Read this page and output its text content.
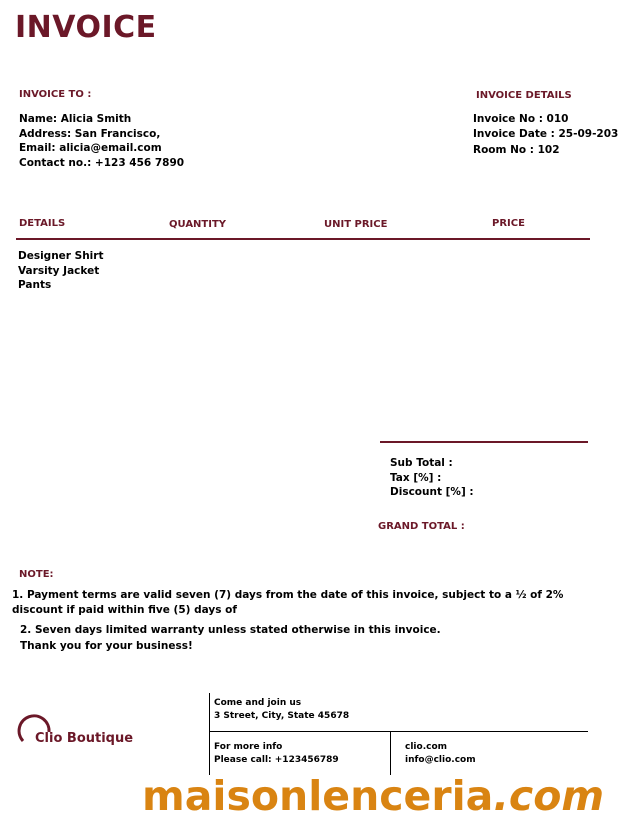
INVOICE
INVOICE TO :
Name: Alicia Smith
Address: San Francisco,
Email: alicia@email.com
Contact no.: +123 456 7890
INVOICE DETAILS
Invoice No : 010
Invoice Date : 25-09-203
Room No : 102
DETAILS	QUANTITY	UNIT PRICE	PRICE
Designer Shirt
Varsity Jacket
Pants
Sub Total :
Tax [%] :
Discount [%] :
GRAND TOTAL :
NOTE:
1. Payment terms are valid seven (7) days from the date of this invoice, subject to a ½ of 2% discount if paid within five (5) days of
2. Seven days limited warranty unless stated otherwise in this invoice.
Thank you for your business!
Clio Boutique
Come and join us
3 Street, City, State 45678
For more info
Please call: +123456789
clio.com
info@clio.com
maisonlenceria.com
